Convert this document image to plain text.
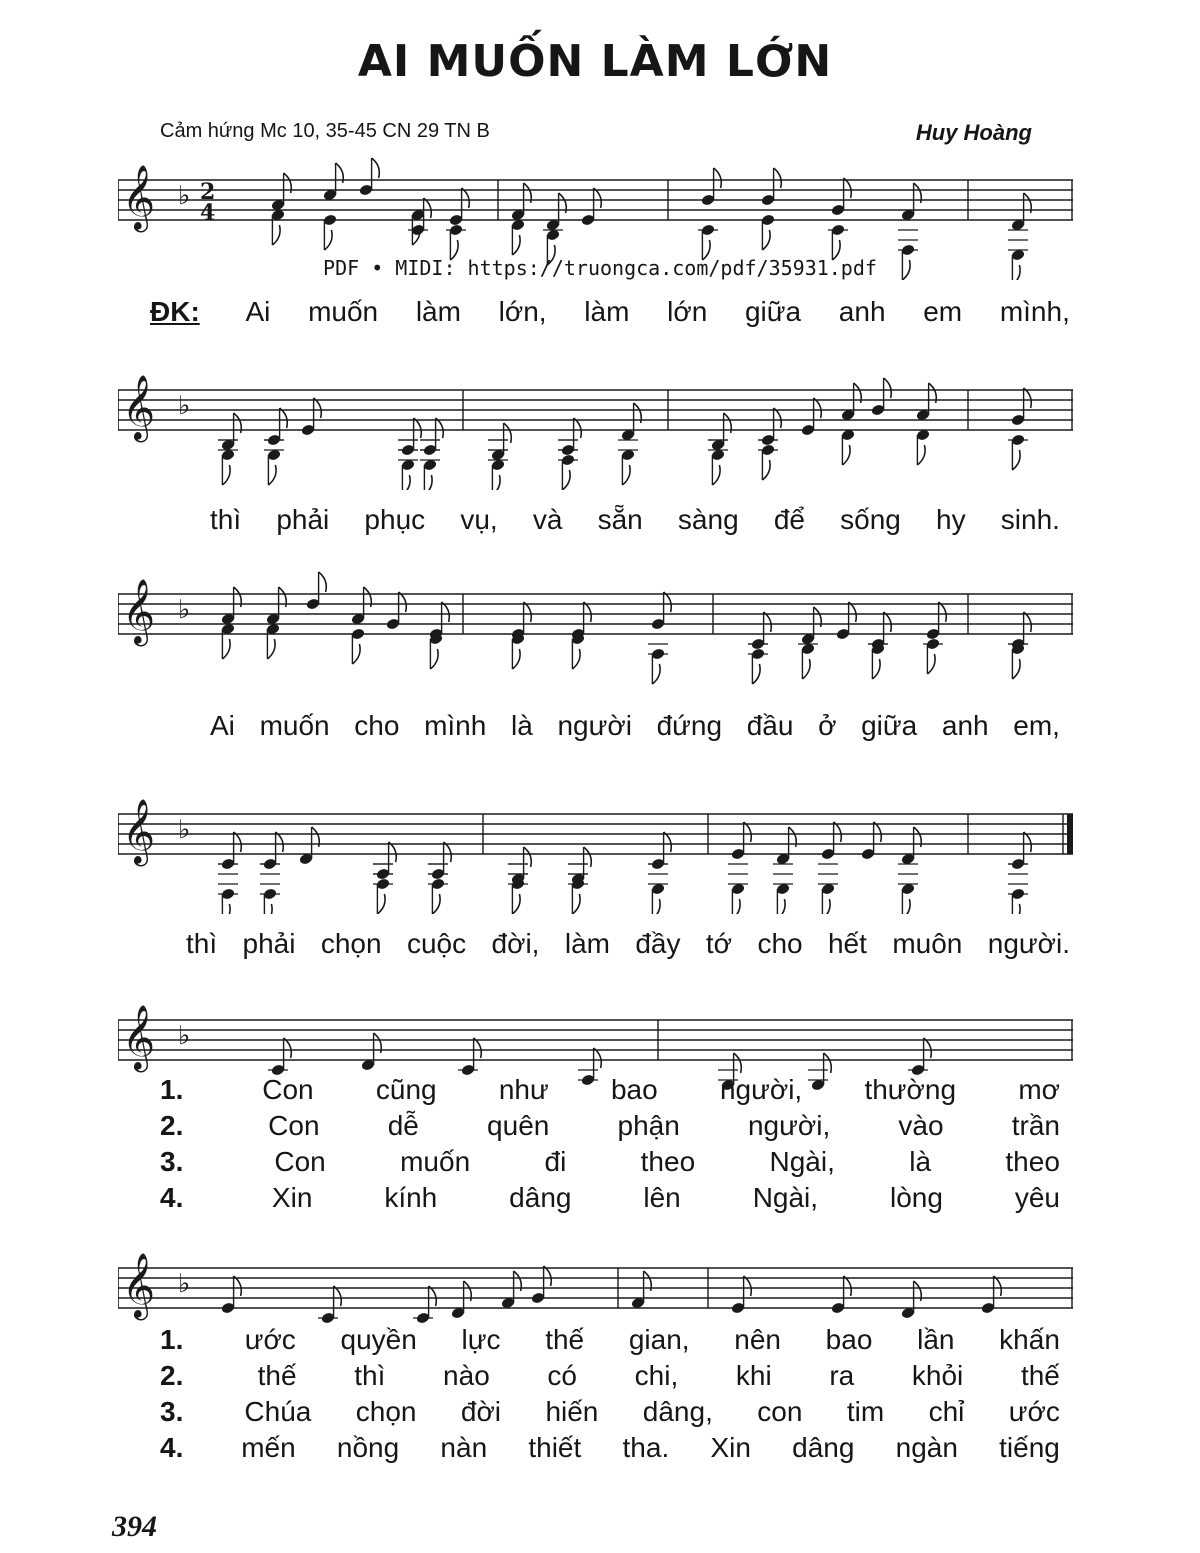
AI MUỐN LÀM LỚN
Cảm hứng Mc 10, 35-45 CN 29 TN B	Huy Hoàng
𝄞 ♭ 2
4
PDF • MIDI: https://truongca.com/pdf/35931.pdf
ĐK: Ai muốn làm lớn, làm lớn giữa anh em mình,
𝄞 ♭
thì phải phục vụ, và sẵn sàng để sống hy sinh.
𝄞 ♭
Ai muốn cho mình là người đứng đầu ở giữa anh em,
𝄞 ♭
thì phải chọn cuộc đời, làm đầy tớ cho hết muôn người.
𝄞 ♭
1.	Con cũng như bao người, thường mơ
2.	Con dễ quên phận người, vào trần
3.	Con	muốn	đi	theo	Ngài,	là	theo
4.	Xin	kính	dâng	lên	Ngài,	lòng	yêu
𝄞 ♭
1.	ước quyền lực thế gian, nên bao lần khấn
2.	thế thì nào có chi, khi ra khỏi thế
3.	Chúa chọn đời hiến dâng, con tim chỉ ước
4.	mến nồng nàn thiết tha. Xin dâng ngàn tiếng
394
